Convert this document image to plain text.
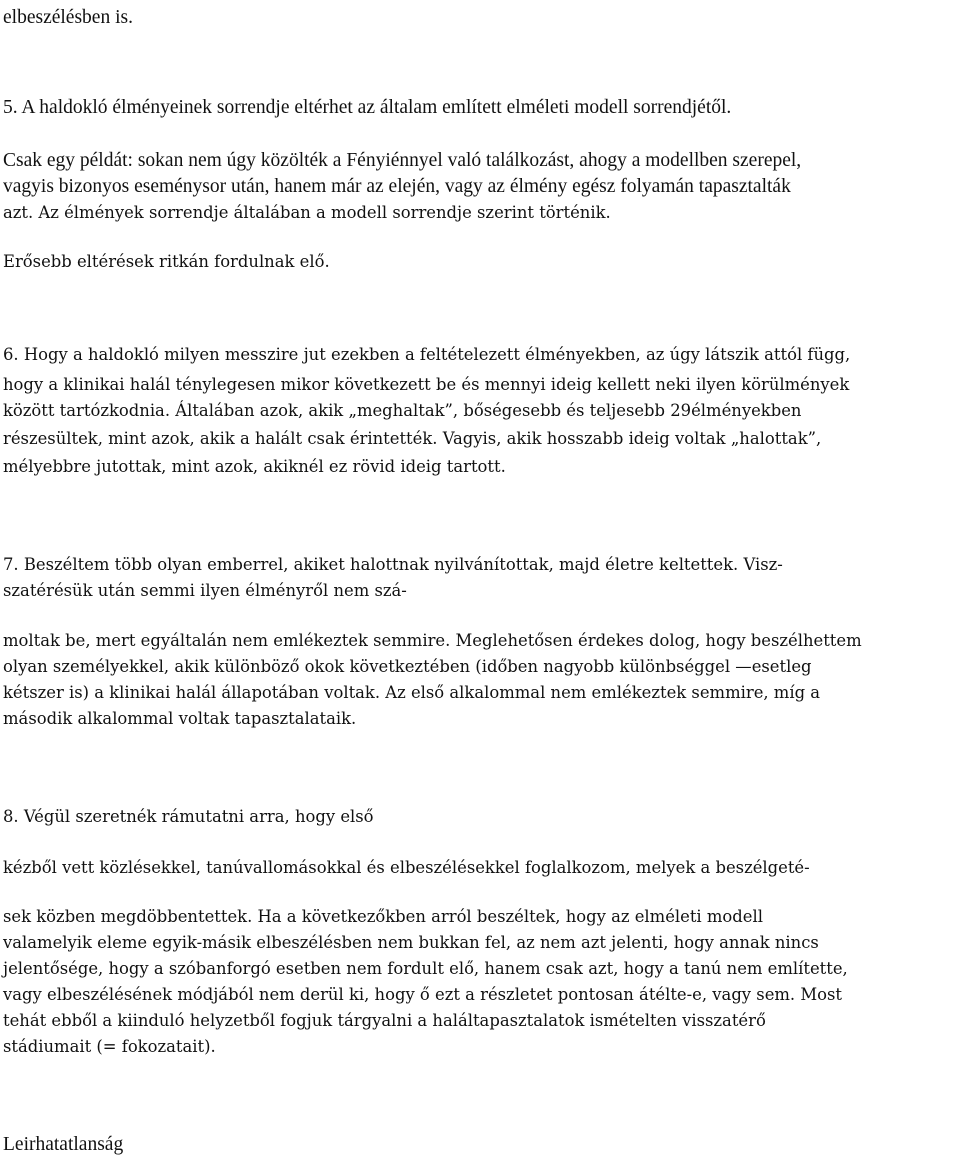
elbeszélésben is.
5. A haldokló élményeinek sorrendje eltérhet az általam említett elméleti modell sorrendjétől.
Csak egy példát: sokan nem úgy közölték a Fényiénnyel való találkozást, ahogy a modellben szerepel,
vagyis bizonyos eseménysor után, hanem már az elején, vagy az élmény egész folyamán tapasztalták
azt. Az élmények sorrendje általában a modell sorrendje szerint történik.
Erősebb eltérések ritkán fordulnak elő.
6. Hogy a haldokló milyen messzire jut ezekben a feltételezett élményekben, az úgy látszik attól függ,
hogy a klinikai halál ténylegesen mikor következett be és mennyi ideig kellett neki ilyen körülmények
között tartózkodnia. Általában azok, akik „meghaltak”, bőségesebb és teljesebb 29élményekben
részesültek, mint azok, akik a halált csak érintették. Vagyis, akik hosszabb ideig voltak „halottak”,
mélyebbre jutottak, mint azok, akiknél ez rövid ideig tartott.
7. Beszéltem több olyan emberrel, akiket halottnak nyilvánítottak, majd életre keltettek. Visz-
szatérésük után semmi ilyen élményről nem szá-
moltak be, mert egyáltalán nem emlékeztek semmire. Meglehetősen érdekes dolog, hogy beszélhettem
olyan személyekkel, akik különböző okok következtében (időben nagyobb különbséggel —esetleg
kétszer is) a klinikai halál állapotában voltak. Az első alkalommal nem emlékeztek semmire, míg a
második alkalommal voltak tapasztalataik.
8. Végül szeretnék rámutatni arra, hogy első
kézből vett közlésekkel, tanúvallomásokkal és elbeszélésekkel foglalkozom, melyek a beszélgeté-
sek közben megdöbbentettek. Ha a következőkben arról beszéltek, hogy az elméleti modell
valamelyik eleme egyik-másik elbeszélésben nem bukkan fel, az nem azt jelenti, hogy annak nincs
jelentősége, hogy a szóbanforgó esetben nem fordult elő, hanem csak azt, hogy a tanú nem említette,
vagy elbeszélésének módjából nem derül ki, hogy ő ezt a részletet pontosan átélte-e, vagy sem. Most
tehát ebből a kiinduló helyzetből fogjuk tárgyalni a haláltapasztalatok ismételten visszatérő
stádiumait (= fokozatait).
Leirhatatlanság
